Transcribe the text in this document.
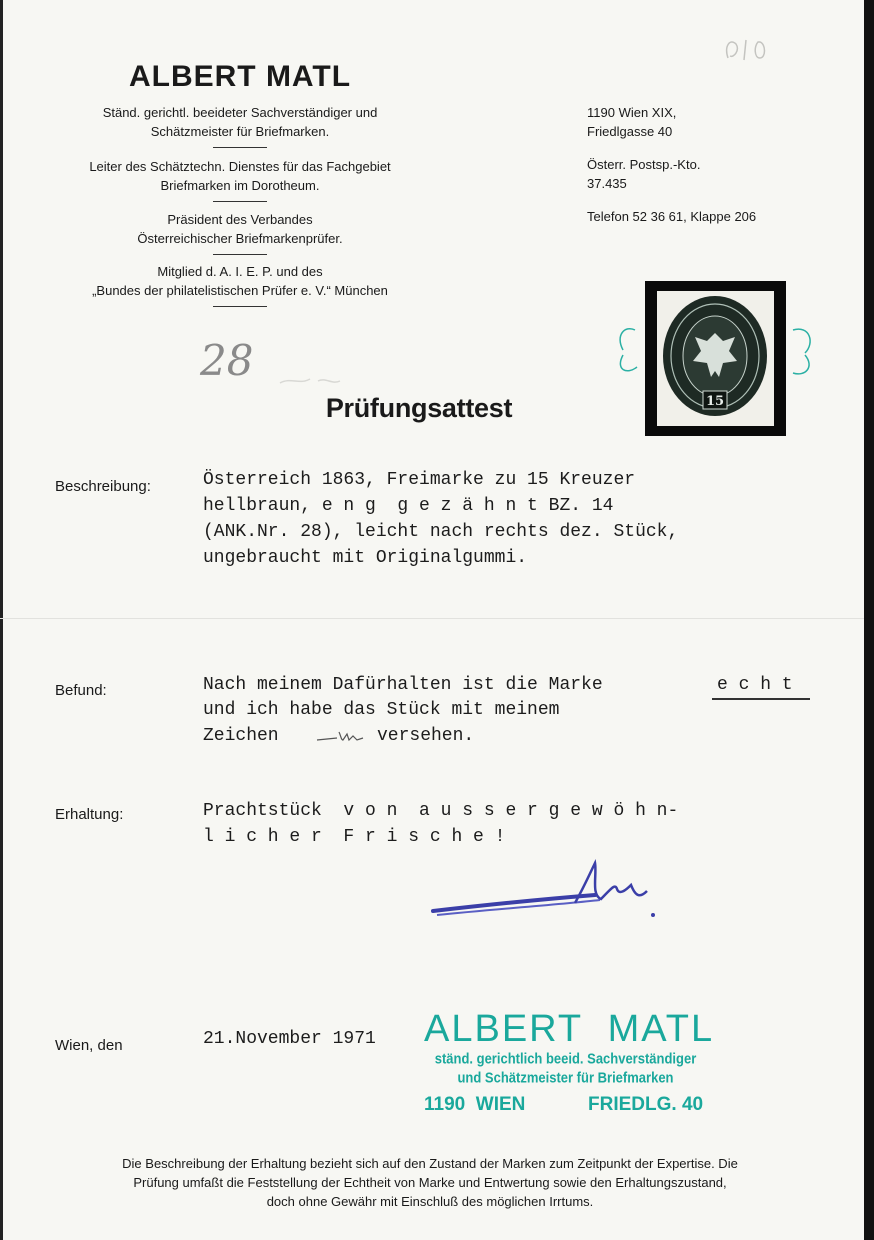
ALBERT MATL
Ständ. gerichtl. beeideter Sachverständiger und
Schätzmeister für Briefmarken.
Leiter des Schätztechn. Dienstes für das Fachgebiet
Briefmarken im Dorotheum.
Präsident des Verbandes
Österreichischer Briefmarkenprüfer.
Mitglied d. A. I. E. P. und des
„Bundes der philatelistischen Prüfer e. V.“ München
1190 Wien XIX,
Friedlgasse 40
Österr. Postsp.-Kto.
37.435
Telefon 52 36 61, Klappe 206
28
Prüfungsattest	15
Beschreibung:	Österreich 1863, Freimarke zu 15 Kreuzer
hellbraun, e n g  g e z ä h n t BZ. 14
(ANK.Nr. 28), leicht nach rechts dez. Stück,
ungebraucht mit Originalgummi.
Befund:	Nach meinem Dafürhalten ist die Marke	e c h t
und ich habe das Stück mit meinem
Zeichen	versehen.
Erhaltung:	Prachtstück  v o n  a u s s e r g e w ö h n-
l i c h e r  F r i s c h e !
Wien, den	21.November 1971 ALBERT  MATL
ständ. gerichtlich beeid. Sachverständiger
und Schätzmeister für Briefmarken
1190  WIEN	FRIEDLG. 40
Die Beschreibung der Erhaltung bezieht sich auf den Zustand der Marken zum Zeitpunkt der Expertise. Die
Prüfung umfaßt die Feststellung der Echtheit von Marke und Entwertung sowie den Erhaltungszustand,
doch ohne Gewähr mit Einschluß des möglichen Irrtums.
